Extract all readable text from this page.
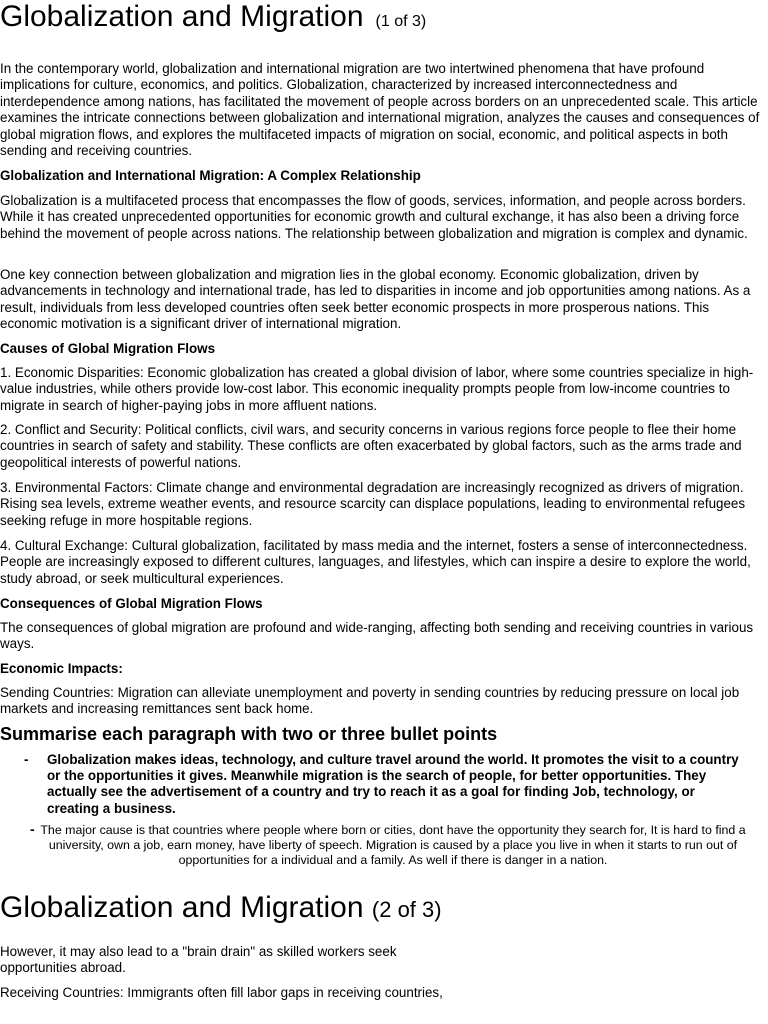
Globalization and Migration (1 of 3)

In the contemporary world, globalization and international migration are two intertwined phenomena that have profound implications for culture, economics, and politics. Globalization, characterized by increased interconnectedness and interdependence among nations, has facilitated the movement of people across borders on an unprecedented scale. This article examines the intricate connections between globalization and international migration, analyzes the causes and consequences of global migration flows, and explores the multifaceted impacts of migration on social, economic, and political aspects in both sending and receiving countries.

Globalization and International Migration: A Complex Relationship

Globalization is a multifaceted process that encompasses the flow of goods, services, information, and people across borders. While it has created unprecedented opportunities for economic growth and cultural exchange, it has also been a driving force behind the movement of people across nations. The relationship between globalization and migration is complex and dynamic.

One key connection between globalization and migration lies in the global economy. Economic globalization, driven by advancements in technology and international trade, has led to disparities in income and job opportunities among nations. As a result, individuals from less developed countries often seek better economic prospects in more prosperous nations. This economic motivation is a significant driver of international migration.

Causes of Global Migration Flows

1. Economic Disparities: Economic globalization has created a global division of labor, where some countries specialize in high-value industries, while others provide low-cost labor. This economic inequality prompts people from low-income countries to migrate in search of higher-paying jobs in more affluent nations.

2. Conflict and Security: Political conflicts, civil wars, and security concerns in various regions force people to flee their home countries in search of safety and stability. These conflicts are often exacerbated by global factors, such as the arms trade and geopolitical interests of powerful nations.

3. Environmental Factors: Climate change and environmental degradation are increasingly recognized as drivers of migration. Rising sea levels, extreme weather events, and resource scarcity can displace populations, leading to environmental refugees seeking refuge in more hospitable regions.

4. Cultural Exchange: Cultural globalization, facilitated by mass media and the internet, fosters a sense of interconnectedness. People are increasingly exposed to different cultures, languages, and lifestyles, which can inspire a desire to explore the world, study abroad, or seek multicultural experiences.

Consequences of Global Migration Flows

The consequences of global migration are profound and wide-ranging, affecting both sending and receiving countries in various ways.

Economic Impacts:

Sending Countries: Migration can alleviate unemployment and poverty in sending countries by reducing pressure on local job markets and increasing remittances sent back home.

Summarise each paragraph with two or three bullet points

- Globalization makes ideas, technology, and culture travel around the world. It promotes the visit to a country or the opportunities it gives. Meanwhile migration is the search of people, for better opportunities. They actually see the advertisement of a country and try to reach it as a goal for finding Job, technology, or creating a business.
- The major cause is that countries where people where born or cities, dont have the opportunity they search for, It is hard to find a university, own a job, earn money, have liberty of speech. Migration is caused by a place you live in when it starts to run out of opportunities for a individual and a family. As well if there is danger in a nation.
Globalization and Migration (2 of 3)

However, it may also lead to a "brain drain" as skilled workers seek opportunities abroad.

Receiving Countries: Immigrants often fill labor gaps in receiving countries,
